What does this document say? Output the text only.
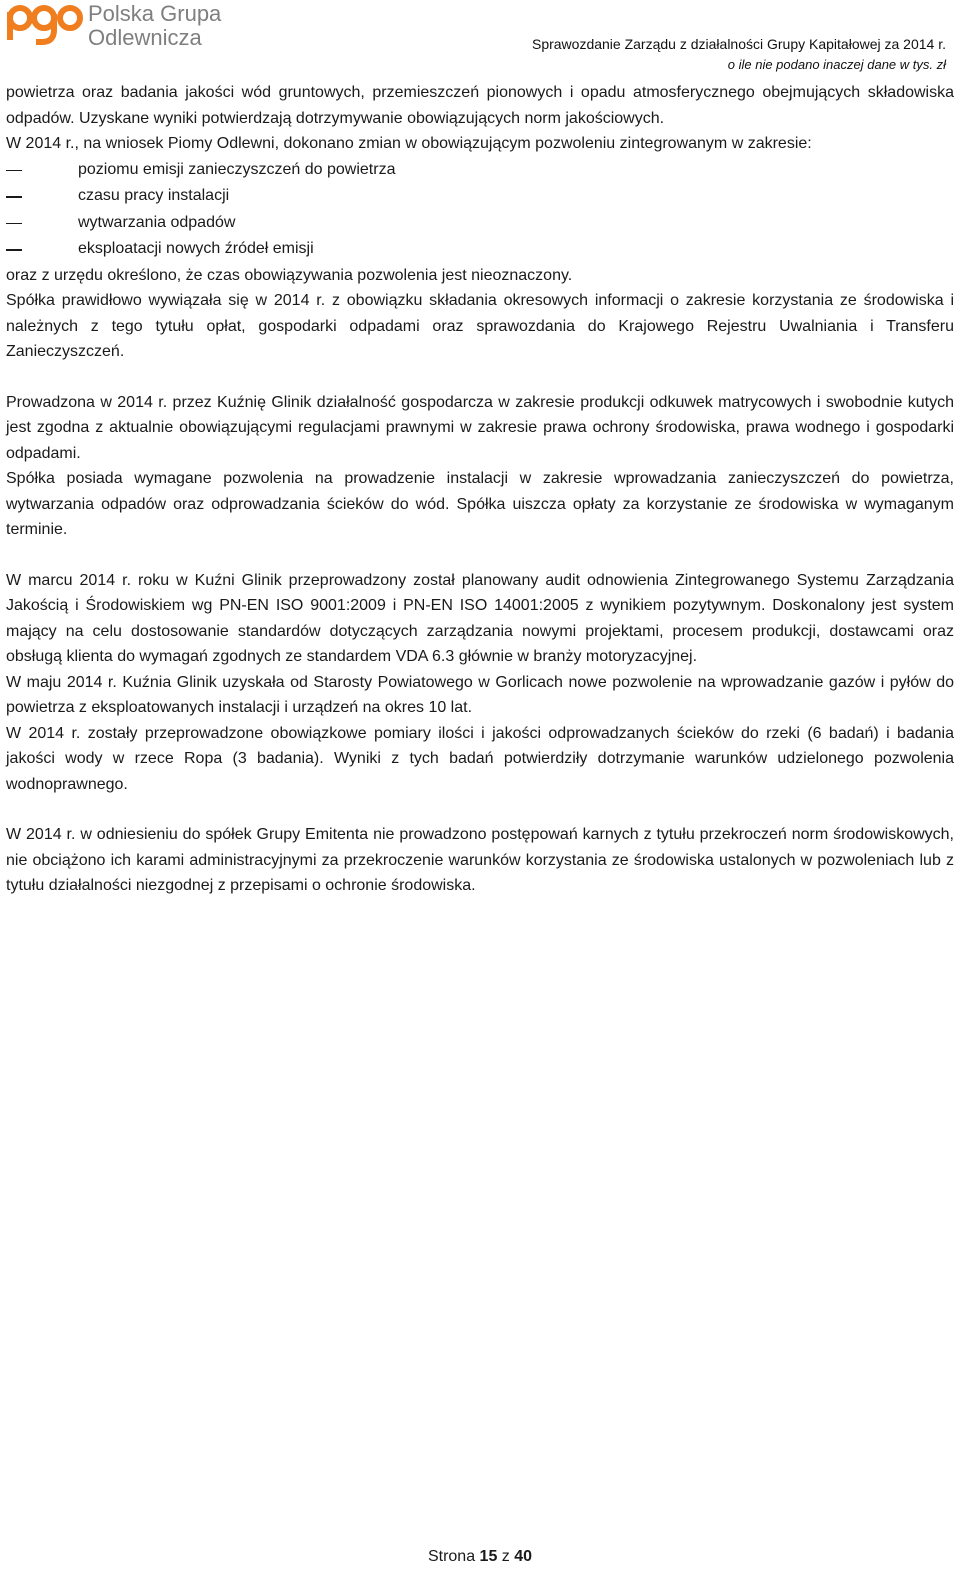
Polska Grupa
Odlewnicza	Sprawozdanie Zarządu z działalności Grupy Kapitałowej za 2014 r.
o ile nie podano inaczej dane w tys. zł

powietrza oraz badania jakości wód gruntowych, przemieszczeń pionowych i opadu atmosferycznego obejmujących składowiska odpadów. Uzyskane wyniki potwierdzają dotrzymywanie obowiązujących norm jakościowych.

W 2014 r., na wniosek Piomy Odlewni, dokonano zmian w obowiązującym pozwoleniu zintegrowanym w zakresie:

poziomu emisji zanieczyszczeń do powietrza
czasu pracy instalacji
wytwarzania odpadów
eksploatacji nowych źródeł emisji

oraz z urzędu określono, że czas obowiązywania pozwolenia jest nieoznaczony.

Spółka prawidłowo wywiązała się w 2014 r. z obowiązku składania okresowych informacji o zakresie korzystania ze środowiska i należnych z tego tytułu opłat, gospodarki odpadami oraz sprawozdania do Krajowego Rejestru Uwalniania i Transferu Zanieczyszczeń.

Prowadzona w 2014 r. przez Kuźnię Glinik działalność gospodarcza w zakresie produkcji odkuwek matrycowych i swobodnie kutych jest zgodna z aktualnie obowiązującymi regulacjami prawnymi w zakresie prawa ochrony środowiska, prawa wodnego i gospodarki odpadami.

Spółka posiada wymagane pozwolenia na prowadzenie instalacji w zakresie wprowadzania zanieczyszczeń do powietrza, wytwarzania odpadów oraz odprowadzania ścieków do wód. Spółka uiszcza opłaty za korzystanie ze środowiska w wymaganym terminie.

W marcu 2014 r. roku w Kuźni Glinik przeprowadzony został planowany audit odnowienia Zintegrowanego Systemu Zarządzania Jakością i Środowiskiem wg PN-EN ISO 9001:2009 i PN-EN ISO 14001:2005 z wynikiem pozytywnym. Doskonalony jest system mający na celu dostosowanie standardów dotyczących zarządzania nowymi projektami, procesem produkcji, dostawcami oraz obsługą klienta do wymagań zgodnych ze standardem VDA 6.3 głównie w branży motoryzacyjnej.

W maju 2014 r. Kuźnia Glinik uzyskała od Starosty Powiatowego w Gorlicach nowe pozwolenie na wprowadzanie gazów i pyłów do powietrza z eksploatowanych instalacji i urządzeń na okres 10 lat.

W 2014 r. zostały przeprowadzone obowiązkowe pomiary ilości i jakości odprowadzanych ścieków do rzeki (6 badań) i badania jakości wody w rzece Ropa (3 badania). Wyniki z tych badań potwierdziły dotrzymanie warunków udzielonego pozwolenia wodnoprawnego.

W 2014 r. w odniesieniu do spółek Grupy Emitenta nie prowadzono postępowań karnych z tytułu przekroczeń norm środowiskowych, nie obciążono ich karami administracyjnymi za przekroczenie warunków korzystania ze środowiska ustalonych w pozwoleniach lub z tytułu działalności niezgodnej z przepisami o ochronie środowiska.

Strona 15 z 40
